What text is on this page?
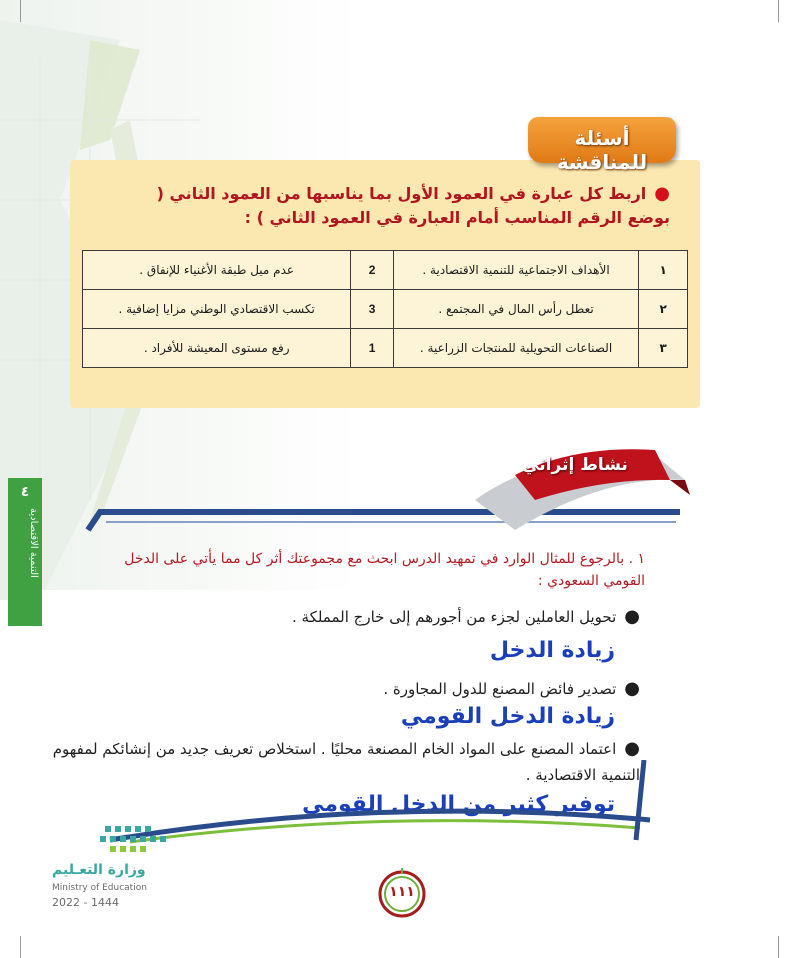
أسئلة للمناقشة
●اربط كل عبارة في العمود الأول بما يناسبها من العمود الثاني ( بوضع الرقم المناسب أمام العبارة في العمود الثاني ) :
١	الأهداف الاجتماعية للتنمية الاقتصادية .	2	عدم ميل طبقة الأغنياء للإنفاق .
٢	تعطل رأس المال في المجتمع .	3	تكسب الاقتصادي الوطني مزايا إضافية .
٣	الصناعات التحويلية للمنتجات الزراعية .	1	رفع مستوى المعيشة للأفراد .
نشاط إثرائي
٤
التنمية الاقتصادية	١ . بالرجوع للمثال الوارد في تمهيد الدرس ابحث مع مجموعتك أثر كل مما يأتي على الدخل القومي السعودي :
●تحويل العاملين لجزء من أجورهم إلى خارج المملكة .
زيادة الدخل
●تصدير فائض المصنع للدول المجاورة .
زيادة الدخل القومي
●اعتماد المصنع على المواد الخام المصنعة محليًا . استخلاص تعريف جديد من إنشائكم لمفهوم التنمية الاقتصادية .
توفير كثير من الدخل القومي
وزارة التعـليم
Ministry of Education
2022 - 1444
١١١
